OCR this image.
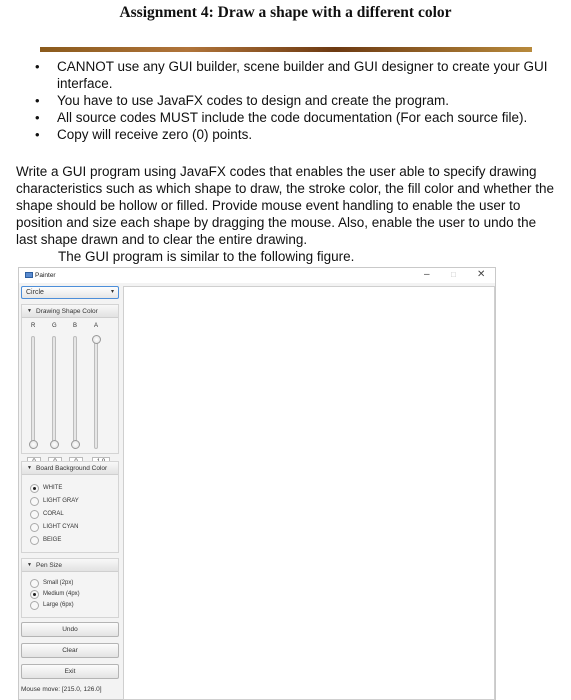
Assignment 4: Draw a shape with a different color
•	CANNOT use any GUI builder, scene builder and GUI designer to create your GUI interface.
•	You have to use JavaFX codes to design and create the program.
•	All source codes MUST include the code documentation (For each source file).
•	Copy will receive zero (0) points.
Write a GUI program using JavaFX codes that enables the user able to specify drawing characteristics such as which shape to draw, the stroke color, the fill color and whether the shape should be hollow or filled. Provide mouse event handling to enable the user to position and size each shape by dragging the mouse. Also, enable the user to undo the last shape drawn and to clear the entire drawing.
The GUI program is similar to the following figure.
Painter	–	□ ✕
Circle	▾
▼ Drawing Shape Color
R	G	B	A
▼ Board Background Color
WHITE
LIGHT GRAY
CORAL
LIGHT CYAN
BEIGE
▼ Pen Size
Small (2px)
Medium (4px)
Large (6px)
Undo
Clear
Exit
Mouse move: [215.0, 126.0]
